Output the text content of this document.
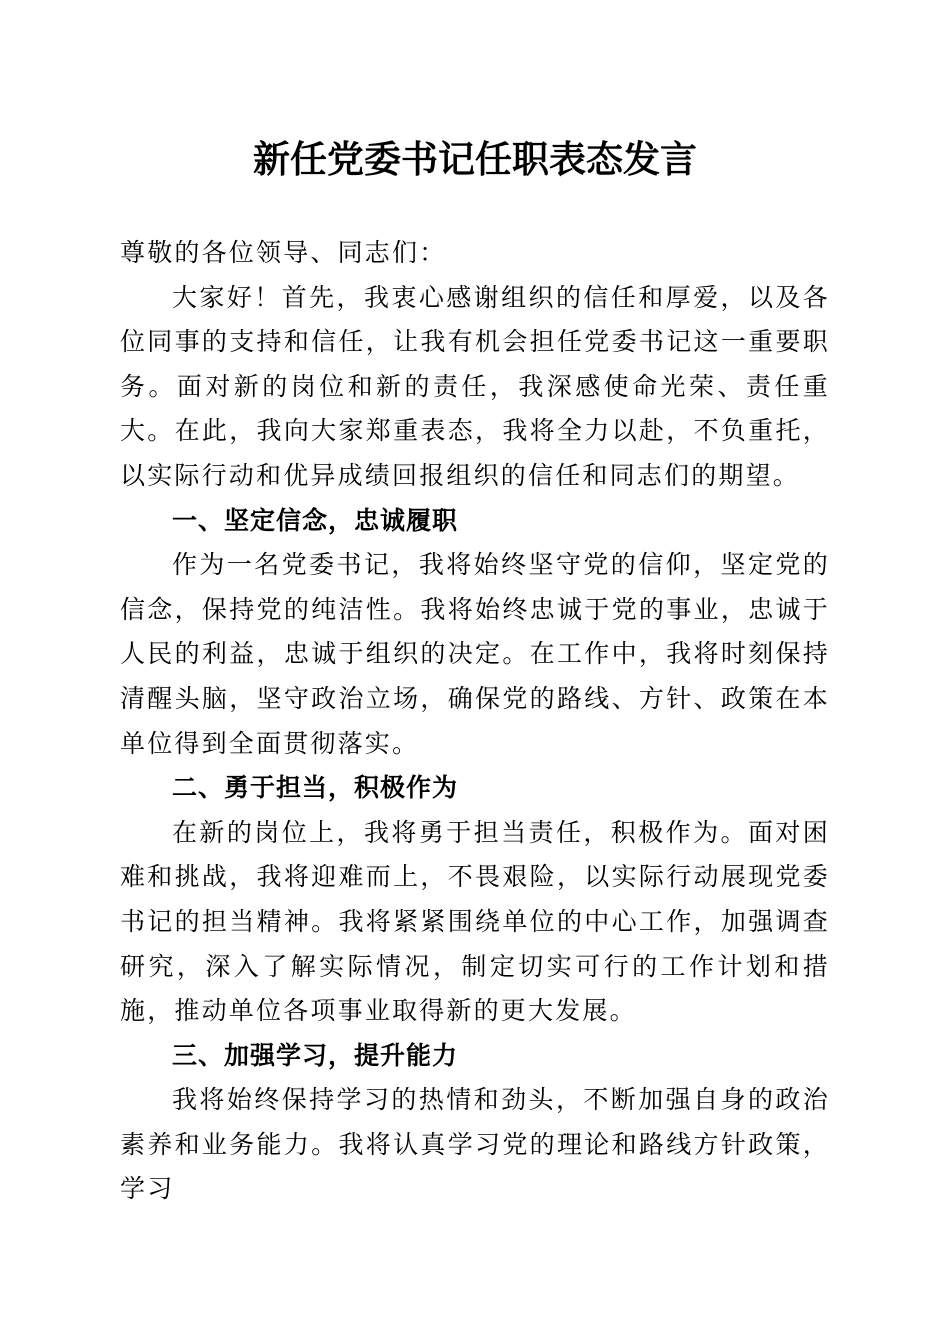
新任党委书记任职表态发言

尊敬的各位领导、同志们：

大家好！首先，我衷心感谢组织的信任和厚爱，以及各位同事的支持和信任，让我有机会担任党委书记这一重要职务。面对新的岗位和新的责任，我深感使命光荣、责任重大。在此，我向大家郑重表态，我将全力以赴，不负重托，以实际行动和优异成绩回报组织的信任和同志们的期望。

一、坚定信念，忠诚履职

作为一名党委书记，我将始终坚守党的信仰，坚定党的信念，保持党的纯洁性。我将始终忠诚于党的事业，忠诚于人民的利益，忠诚于组织的决定。在工作中，我将时刻保持清醒头脑，坚守政治立场，确保党的路线、方针、政策在本单位得到全面贯彻落实。

二、勇于担当，积极作为

在新的岗位上，我将勇于担当责任，积极作为。面对困难和挑战，我将迎难而上，不畏艰险，以实际行动展现党委书记的担当精神。我将紧紧围绕单位的中心工作，加强调查研究，深入了解实际情况，制定切实可行的工作计划和措施，推动单位各项事业取得新的更大发展。

三、加强学习，提升能力

我将始终保持学习的热情和劲头，不断加强自身的政治素养和业务能力。我将认真学习党的理论和路线方针政策，学习
